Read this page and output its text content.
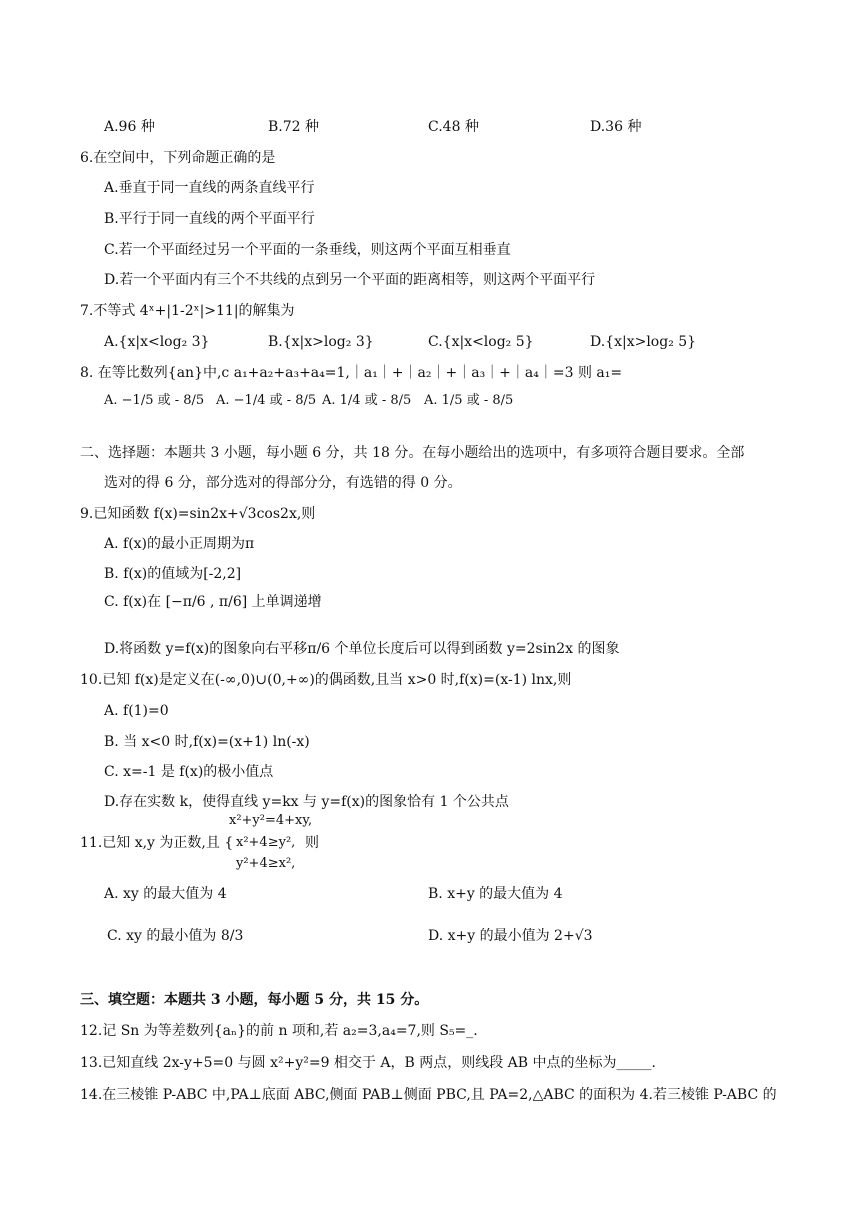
A.96 种	B.72 种	C.48 种	D.36 种
6.在空间中，下列命题正确的是
A.垂直于同一直线的两条直线平行
B.平行于同一直线的两个平面平行
C.若一个平面经过另一个平面的一条垂线，则这两个平面互相垂直
D.若一个平面内有三个不共线的点到另一个平面的距离相等，则这两个平面平行
7.不等式 4ˣ+|1-2ˣ|>11|的解集为
A.{x|x<log₂ 3}	B.{x|x>log₂ 3}	C.{x|x<log₂ 5}	D.{x|x>log₂ 5}
8. 在等比数列{an}中,c a₁+a₂+a₃+a₄=1,｜a₁｜+｜a₂｜+｜a₃｜+｜a₄｜=3 则 a₁=
A. −1/5 或 - 8/5 A. −1/4 或 - 8/5 A. 1/4 或 - 8/5 A. 1/5 或 - 8/5
二、选择题：本题共 3 小题，每小题 6 分，共 18 分。在每小题给出的选项中，有多项符合题目要求。全部
选对的得 6 分，部分选对的得部分分，有选错的得 0 分。
9.已知函数 f(x)=sin2x+√3cos2x,则
A. f(x)的最小正周期为π
B. f(x)的值域为[-2,2]
C. f(x)在 [−π/6 , π/6] 上单调递增
D.将函数 y=f(x)的图象向右平移π/6 个单位长度后可以得到函数 y=2sin2x 的图象
10.已知 f(x)是定义在(-∞,0)∪(0,+∞)的偶函数,且当 x>0 时,f(x)=(x-1) lnx,则
A. f(1)=0
B. 当 x<0 时,f(x)=(x+1) ln(-x)
C. x=-1 是 f(x)的极小值点
D.存在实数 k，使得直线 y=kx 与 y=f(x)的图象恰有 1 个公共点
x²+y²=4+xy,
11.已知 x,y 为正数,且 { x²+4≥y², 则
y²+4≥x²,
A. xy 的最大值为 4	B. x+y 的最大值为 4
C. xy 的最小值为 8/3	D. x+y 的最小值为 2+√3
三、填空题：本题共 3 小题，每小题 5 分，共 15 分。
12.记 Sn 为等差数列{aₙ}的前 n 项和,若 a₂=3,a₄=7,则 S₅=_.
13.已知直线 2x-y+5=0 与圆 x²+y²=9 相交于 A，B 两点，则线段 AB 中点的坐标为_____.
14.在三棱锥 P-ABC 中,PA⊥底面 ABC,侧面 PAB⊥侧面 PBC,且 PA=2,△ABC 的面积为 4.若三棱锥 P-ABC 的
